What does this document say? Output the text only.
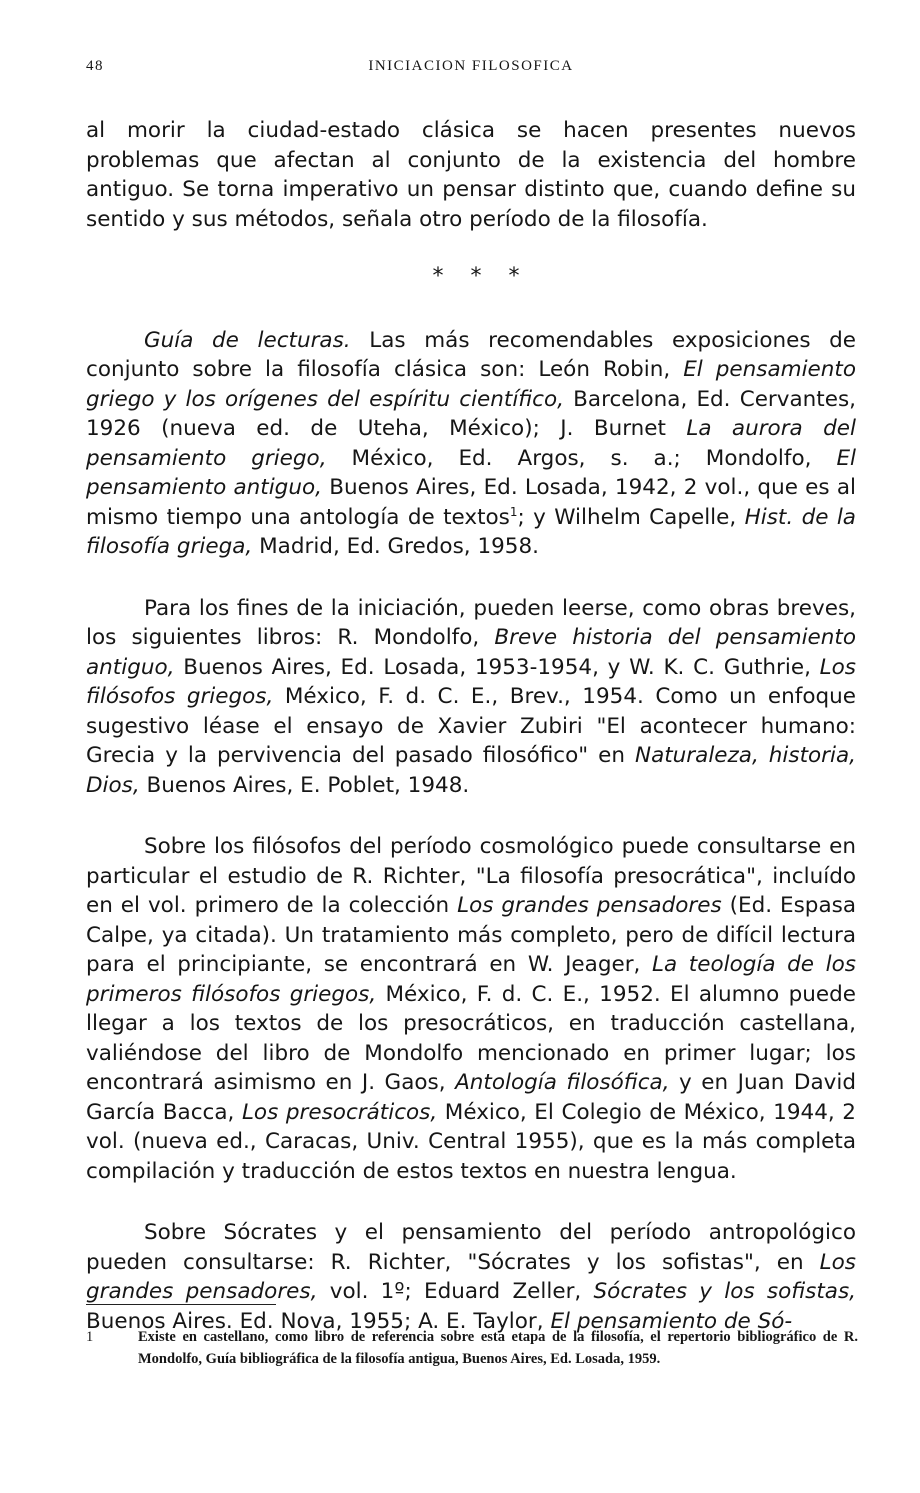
48	INICIACION FILOSOFICA

al morir la ciudad-estado clásica se hacen presentes nuevos problemas que afectan al conjunto de la existencia del hombre antiguo. Se torna imperativo un pensar distinto que, cuando define su sentido y sus métodos, señala otro período de la filosofía.

* * *

Guía de lecturas. Las más recomendables exposiciones de conjunto sobre la filosofía clásica son: León Robin, El pensamiento griego y los orígenes del espíritu científico, Barcelona, Ed. Cervantes, 1926 (nueva ed. de Uteha, México); J. Burnet La aurora del pensamiento griego, México, Ed. Argos, s. a.; Mondolfo, El pensamiento antiguo, Buenos Aires, Ed. Losada, 1942, 2 vol., que es al mismo tiempo una antología de textos$^1$; y Wilhelm Capelle, Hist. de la filosofía griega, Madrid, Ed. Gredos, 1958.

Para los fines de la iniciación, pueden leerse, como obras breves, los siguientes libros: R. Mondolfo, Breve historia del pensamiento antiguo, Buenos Aires, Ed. Losada, 1953-1954, y W. K. C. Guthrie, Los filósofos griegos, México, F. d. C. E., Brev., 1954. Como un enfoque sugestivo léase el ensayo de Xavier Zubiri "El acontecer humano: Grecia y la pervivencia del pasado filosófico" en Naturaleza, historia, Dios, Buenos Aires, E. Poblet, 1948.

Sobre los filósofos del período cosmológico puede consultarse en particular el estudio de R. Richter, "La filosofía presocrática", incluído en el vol. primero de la colección Los grandes pensadores (Ed. Espasa Calpe, ya citada). Un tratamiento más completo, pero de difícil lectura para el principiante, se encontrará en W. Jeager, La teología de los primeros filósofos griegos, México, F. d. C. E., 1952. El alumno puede llegar a los textos de los presocráticos, en traducción castellana, valiéndose del libro de Mondolfo mencionado en primer lugar; los encontrará asimismo en J. Gaos, Antología filosófica, y en Juan David García Bacca, Los presocráticos, México, El Colegio de México, 1944, 2 vol. (nueva ed., Caracas, Univ. Central 1955), que es la más completa compilación y traducción de estos textos en nuestra lengua.

Sobre Sócrates y el pensamiento del período antropológico pueden consultarse: R. Richter, "Sócrates y los sofistas", en Los grandes pensadores, vol. 1º; Eduard Zeller, Sócrates y los sofistas, Buenos Aires. Ed. Nova, 1955; A. E. Taylor, El pensamiento de Só-

1	Existe en castellano, como libro de referencia sobre esta etapa de la filosofía, el repertorio bibliográfico de R. Mondolfo, Guía bibliográfica de la filosofía antigua, Buenos Aires, Ed. Losada, 1959.
